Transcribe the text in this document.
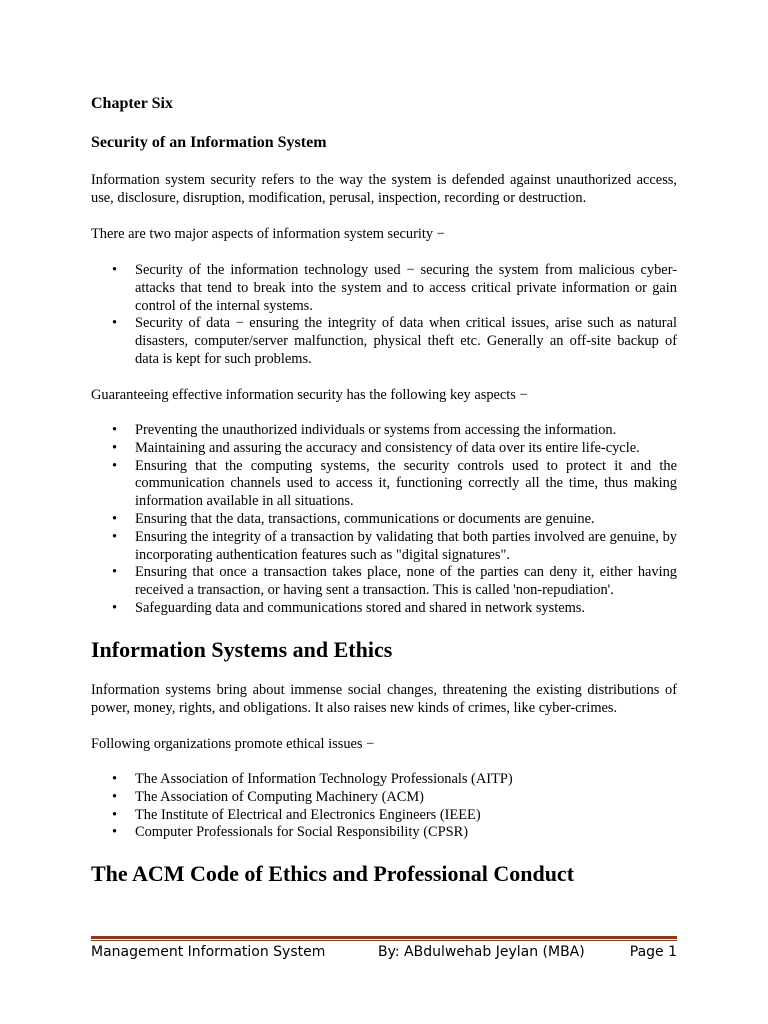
Chapter Six

Security of an Information System

Information system security refers to the way the system is defended against unauthorized access, use, disclosure, disruption, modification, perusal, inspection, recording or destruction.

There are two major aspects of information system security −

• Security of the information technology used − securing the system from malicious cyber-attacks that tend to break into the system and to access critical private information or gain control of the internal systems.
• Security of data − ensuring the integrity of data when critical issues, arise such as natural disasters, computer/server malfunction, physical theft etc. Generally an off-site backup of data is kept for such problems.

Guaranteeing effective information security has the following key aspects −

• Preventing the unauthorized individuals or systems from accessing the information.
• Maintaining and assuring the accuracy and consistency of data over its entire life-cycle.
• Ensuring that the computing systems, the security controls used to protect it and the communication channels used to access it, functioning correctly all the time, thus making information available in all situations.
• Ensuring that the data, transactions, communications or documents are genuine.
• Ensuring the integrity of a transaction by validating that both parties involved are genuine, by incorporating authentication features such as "digital signatures".
• Ensuring that once a transaction takes place, none of the parties can deny it, either having received a transaction, or having sent a transaction. This is called 'non-repudiation'.
• Safeguarding data and communications stored and shared in network systems.
Information Systems and Ethics

Information systems bring about immense social changes, threatening the existing distributions of power, money, rights, and obligations. It also raises new kinds of crimes, like cyber-crimes.

Following organizations promote ethical issues −

• The Association of Information Technology Professionals (AITP)
• The Association of Computing Machinery (ACM)
• The Institute of Electrical and Electronics Engineers (IEEE)
• Computer Professionals for Social Responsibility (CPSR)
The ACM Code of Ethics and Professional Conduct
Management Information System	By: ABdulwehab Jeylan (MBA)	Page 1
